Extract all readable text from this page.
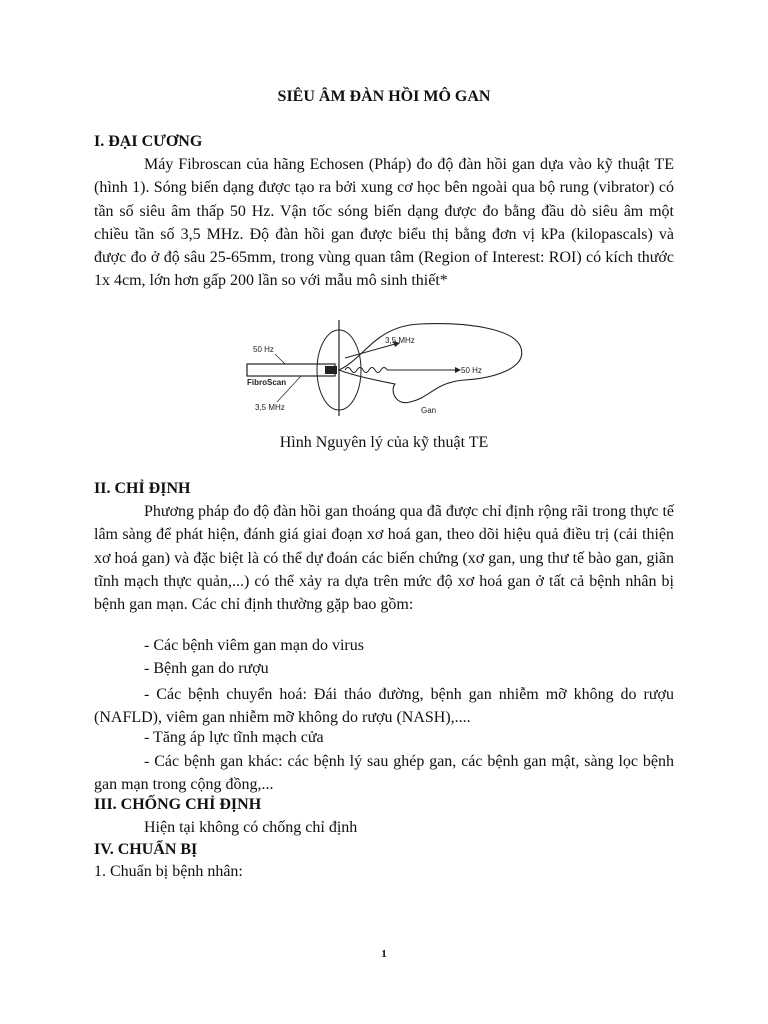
SIÊU ÂM ĐÀN HỒI MÔ GAN
I. ĐẠI CƯƠNG

Máy Fibroscan của hãng Echosen (Pháp) đo độ đàn hồi gan dựa vào kỹ thuật TE (hình 1). Sóng biến dạng được tạo ra bởi xung cơ học bên ngoài qua bộ rung (vibrator) có tần số siêu âm thấp 50 Hz. Vận tốc sóng biến dạng được đo bằng đầu dò siêu âm một chiều tần số 3,5 MHz. Độ đàn hồi gan được biểu thị bằng đơn vị kPa (kilopascals) và được đo ở độ sâu 25-65mm, trong vùng quan tâm (Region of Interest: ROI) có kích thước 1x 4cm, lớn hơn gấp 200 lần so với mẫu mô sinh thiết*

50 Hz
FibroScan
3,5 MHz
3,5 MHz
50 Hz
Gan
Hình Nguyên lý của kỹ thuật TE
II. CHỈ ĐỊNH

Phương pháp đo độ đàn hồi gan thoáng qua đã được chỉ định rộng rãi trong thực tế lâm sàng để phát hiện, đánh giá giai đoạn xơ hoá gan, theo dõi hiệu quả điều trị (cải thiện xơ hoá gan) và đặc biệt là có thể dự đoán các biến chứng (xơ gan, ung thư tế bào gan, giãn tĩnh mạch thực quản,...) có thể xảy ra dựa trên mức độ xơ hoá gan ở tất cả bệnh nhân bị bệnh gan mạn. Các chỉ định thường gặp bao gồm:

- Các bệnh viêm gan mạn do virus
- Bệnh gan do rượu

- Các bệnh chuyển hoá: Đái tháo đường, bệnh gan nhiễm mỡ không do rượu (NAFLD), viêm gan nhiễm mỡ không do rượu (NASH),....

- Tăng áp lực tĩnh mạch cửa

- Các bệnh gan khác: các bệnh lý sau ghép gan, các bệnh gan mật, sàng lọc bệnh gan mạn trong cộng đồng,...

III. CHỐNG CHỈ ĐỊNH
Hiện tại không có chống chỉ định
IV. CHUẨN BỊ
1. Chuẩn bị bệnh nhân:
1
